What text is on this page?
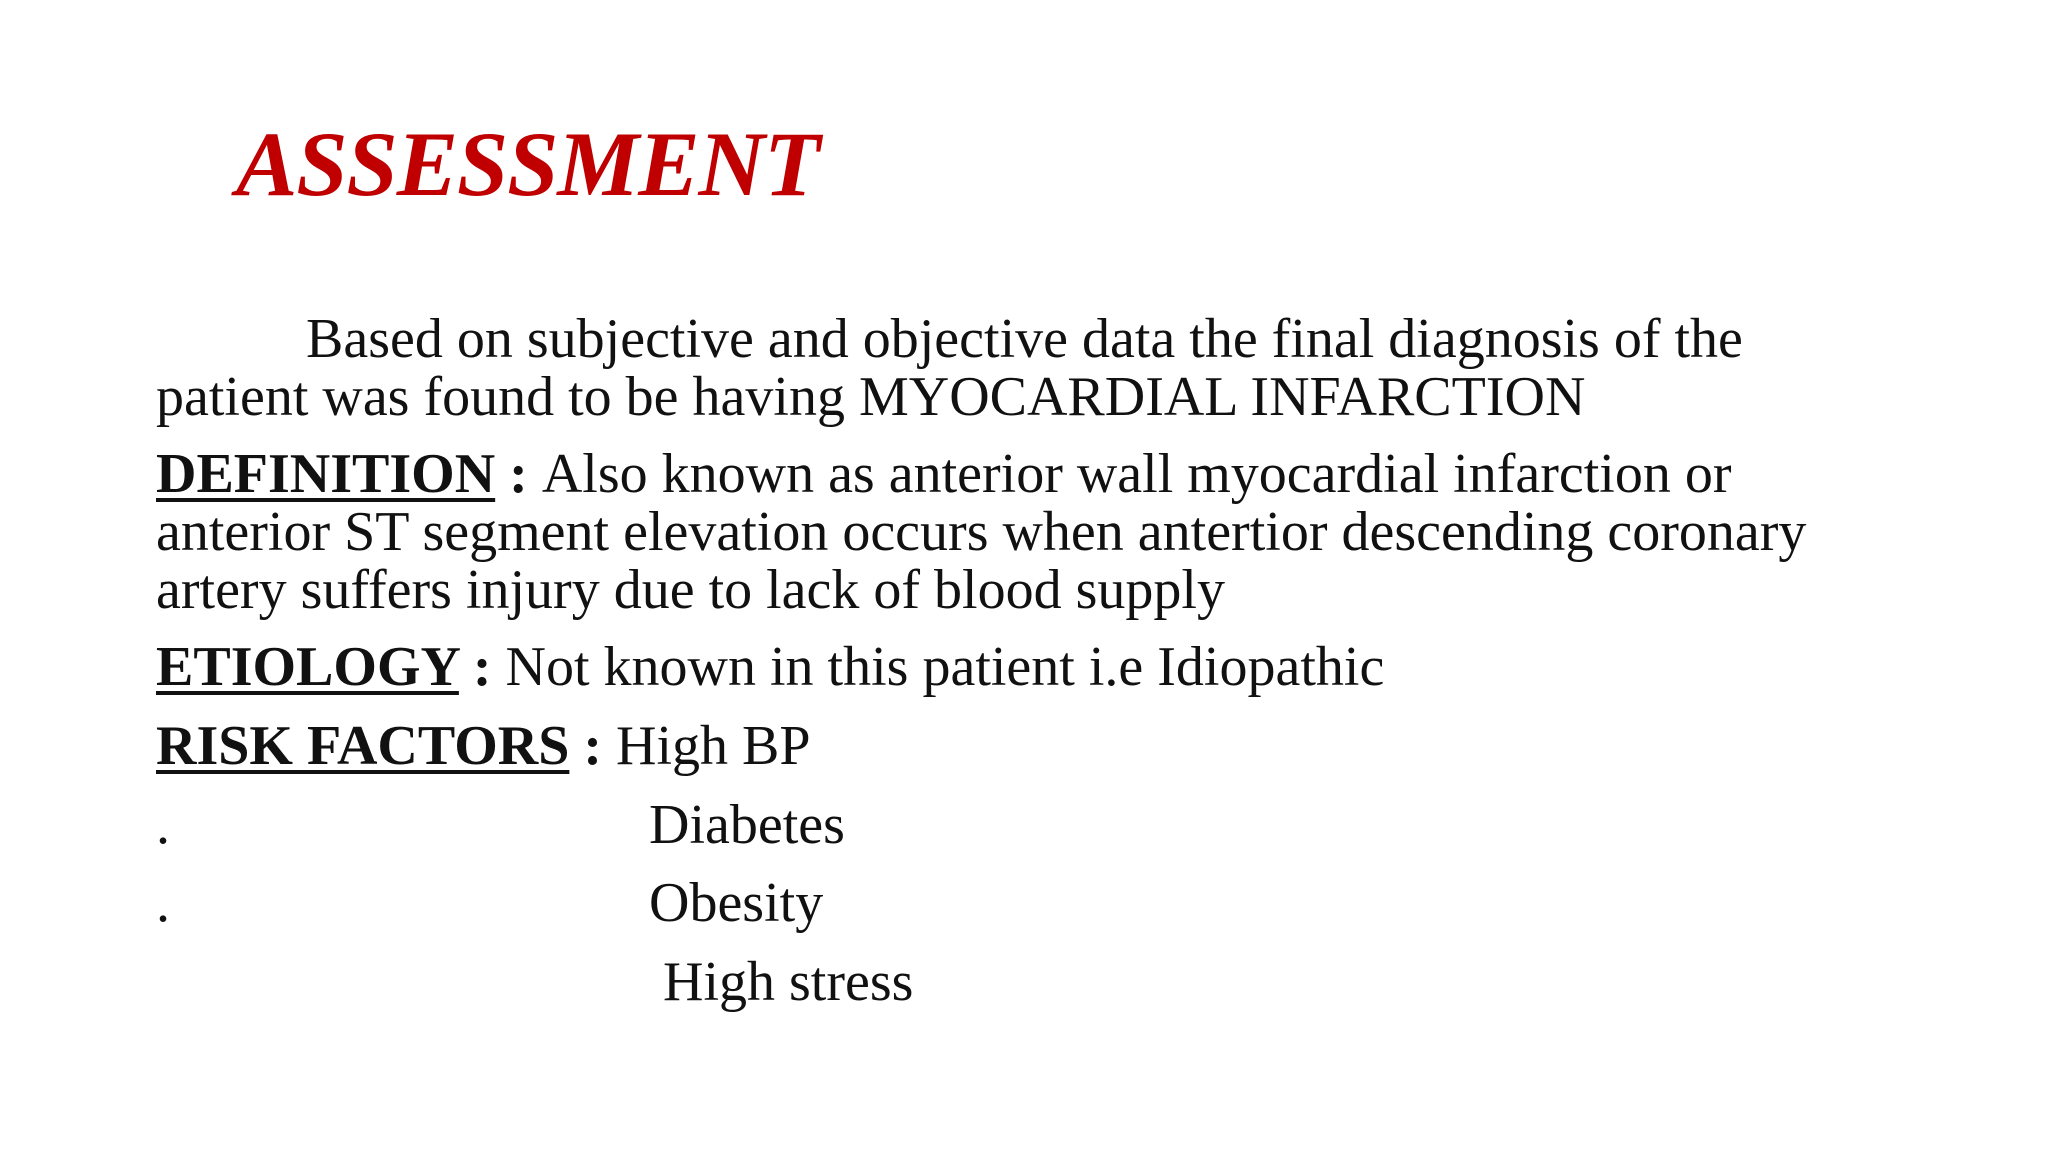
ASSESSMENT

Based on subjective and objective data the final diagnosis of the
patient was found to be having MYOCARDIAL INFARCTION

DEFINITION : Also known as anterior wall myocardial infarction or anterior ST segment elevation occurs when antertior descending coronary artery suffers injury due to lack of blood supply

ETIOLOGY : Not known in this patient i.e Idiopathic

RISK FACTORS : High BP

.	Diabetes
.	Obesity
High stress
